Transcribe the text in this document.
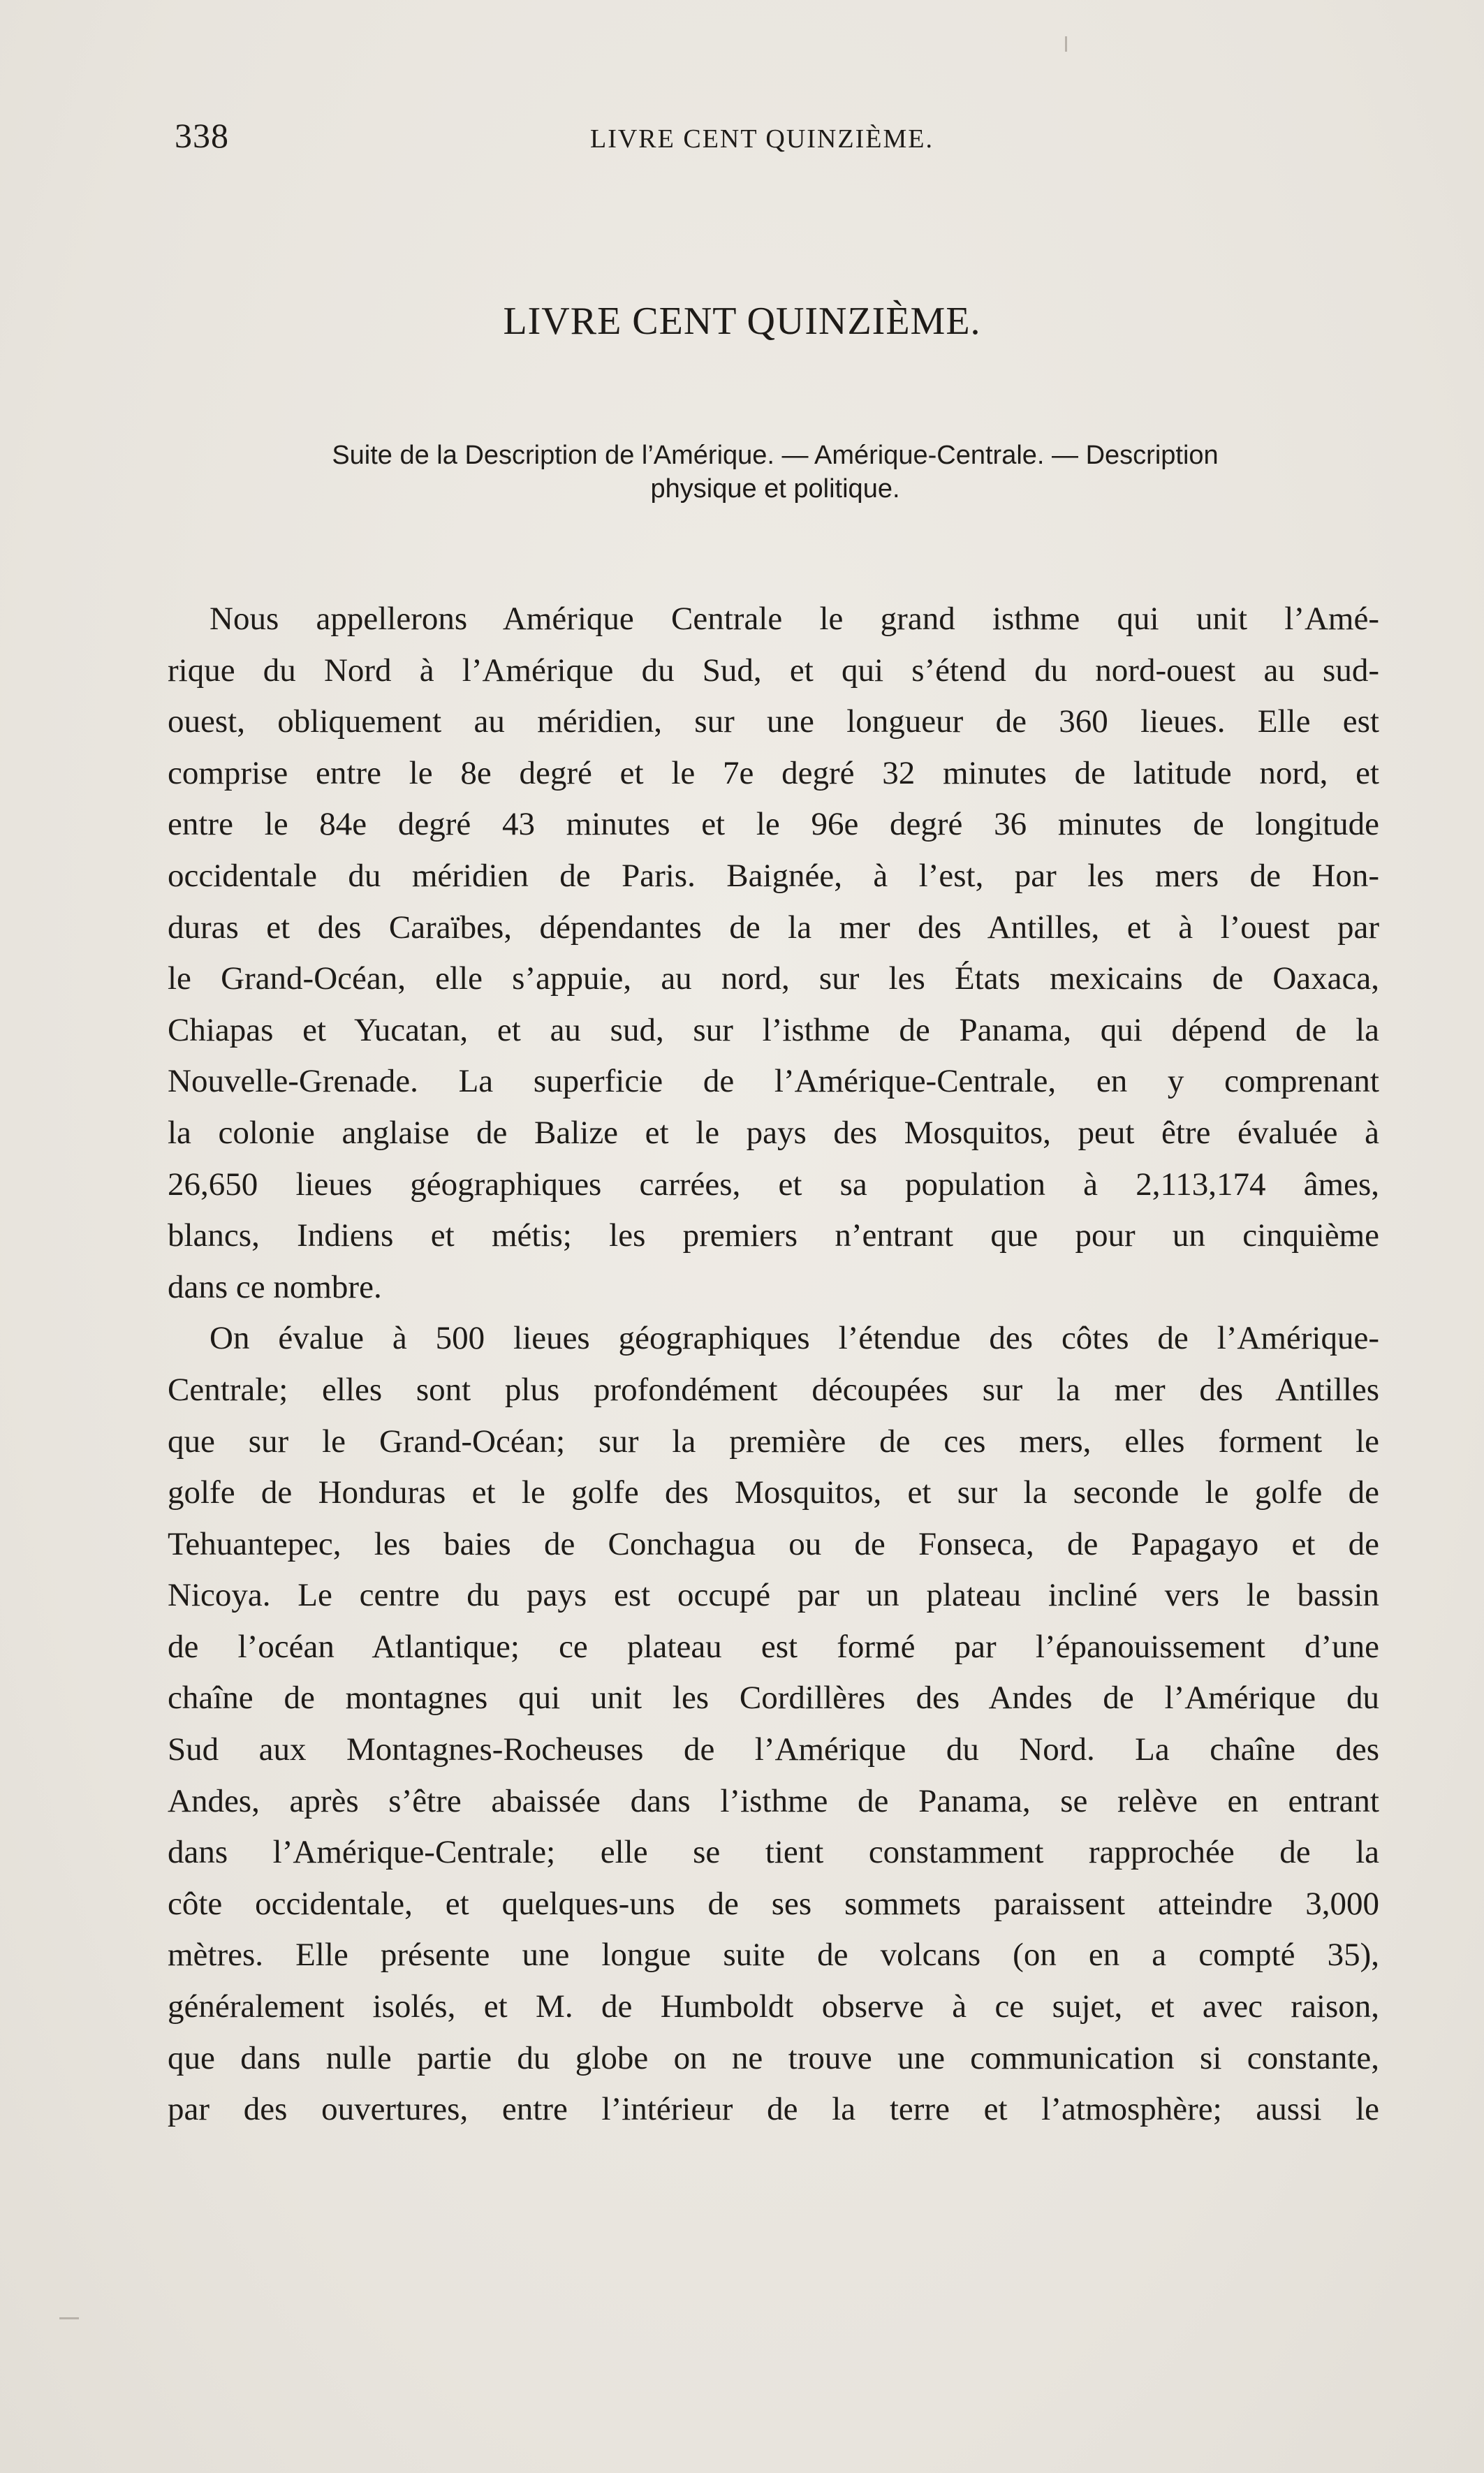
338	LIVRE CENT QUINZIÈME.
LIVRE CENT QUINZIÈME.
Suite de la Description de l’Amérique. — Amérique-Centrale. — Description
physique et politique.
Nous appellerons Amérique Centrale le grand isthme qui unit l’Amé-
rique du Nord à l’Amérique du Sud, et qui s’étend du nord-ouest au sud-
ouest, obliquement au méridien, sur une longueur de 360 lieues. Elle est
comprise entre le 8e degré et le 7e degré 32 minutes de latitude nord, et
entre le 84e degré 43 minutes et le 96e degré 36 minutes de longitude
occidentale du méridien de Paris. Baignée, à l’est, par les mers de Hon-
duras et des Caraïbes, dépendantes de la mer des Antilles, et à l’ouest par
le Grand-Océan, elle s’appuie, au nord, sur les États mexicains de Oaxaca,
Chiapas et Yucatan, et au sud, sur l’isthme de Panama, qui dépend de la
Nouvelle-Grenade. La superficie de l’Amérique-Centrale, en y comprenant
la colonie anglaise de Balize et le pays des Mosquitos, peut être évaluée à
26,650 lieues géographiques carrées, et sa population à 2,113,174 âmes,
blancs, Indiens et métis; les premiers n’entrant que pour un cinquième
dans ce nombre.
On évalue à 500 lieues géographiques l’étendue des côtes de l’Amérique-
Centrale; elles sont plus profondément découpées sur la mer des Antilles
que sur le Grand-Océan; sur la première de ces mers, elles forment le
golfe de Honduras et le golfe des Mosquitos, et sur la seconde le golfe de
Tehuantepec, les baies de Conchagua ou de Fonseca, de Papagayo et de
Nicoya. Le centre du pays est occupé par un plateau incliné vers le bassin
de l’océan Atlantique; ce plateau est formé par l’épanouissement d’une
chaîne de montagnes qui unit les Cordillères des Andes de l’Amérique du
Sud aux Montagnes-Rocheuses de l’Amérique du Nord. La chaîne des
Andes, après s’être abaissée dans l’isthme de Panama, se relève en entrant
dans l’Amérique-Centrale; elle se tient constamment rapprochée de la
côte occidentale, et quelques-uns de ses sommets paraissent atteindre 3,000
mètres. Elle présente une longue suite de volcans (on en a compté 35),
généralement isolés, et M. de Humboldt observe à ce sujet, et avec raison,
que dans nulle partie du globe on ne trouve une communication si constante,
par des ouvertures, entre l’intérieur de la terre et l’atmosphère; aussi le
